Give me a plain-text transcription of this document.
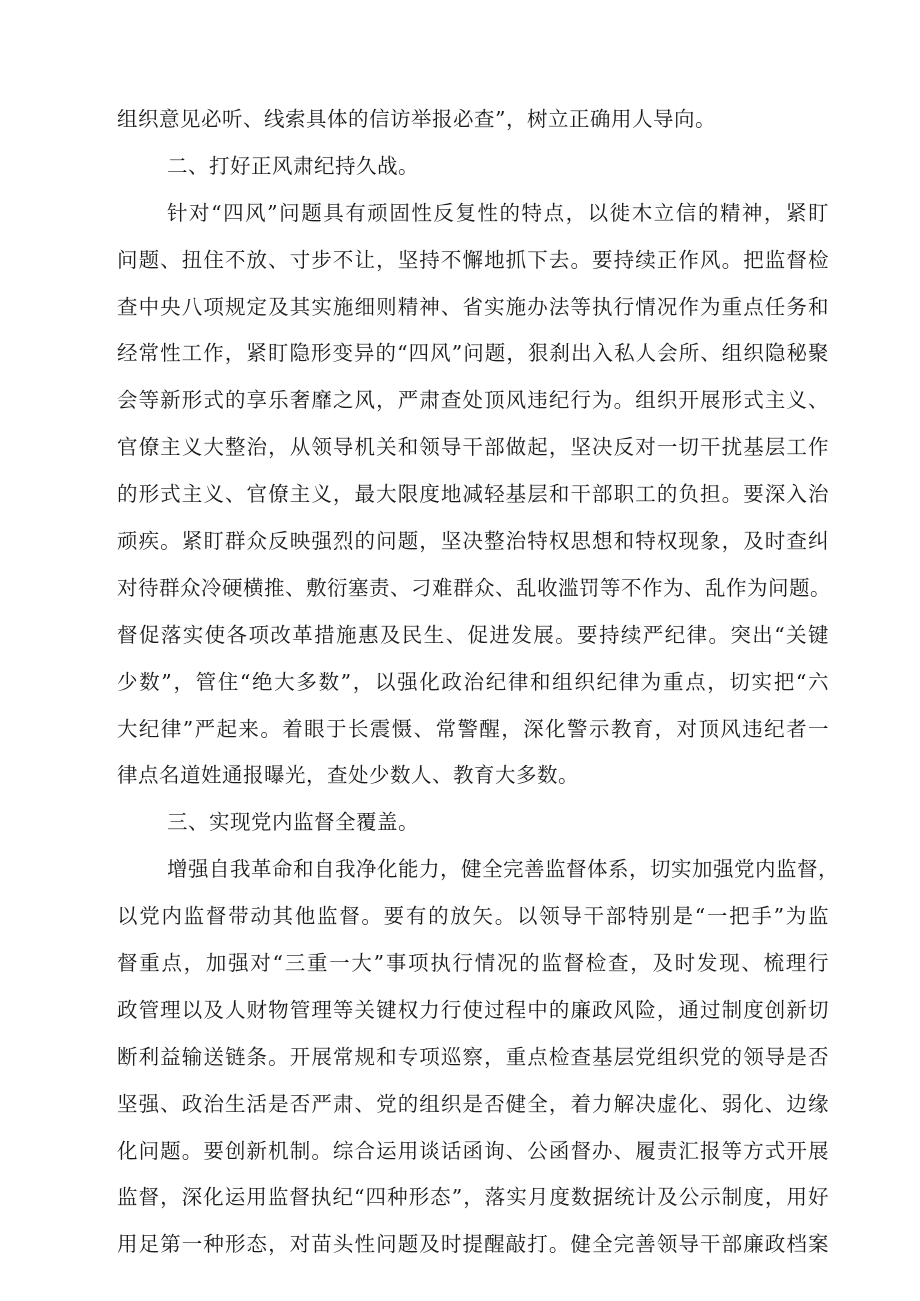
组织意见必听、线索具体的信访举报必查”，树立正确用人导向。
二、打好正风肃纪持久战。
针对“四风”问题具有顽固性反复性的特点，以徙木立信的精神，紧盯
问题、扭住不放、寸步不让，坚持不懈地抓下去。要持续正作风。把监督检
查中央八项规定及其实施细则精神、省实施办法等执行情况作为重点任务和
经常性工作，紧盯隐形变异的“四风”问题，狠刹出入私人会所、组织隐秘聚
会等新形式的享乐奢靡之风，严肃查处顶风违纪行为。组织开展形式主义、
官僚主义大整治，从领导机关和领导干部做起，坚决反对一切干扰基层工作
的形式主义、官僚主义，最大限度地减轻基层和干部职工的负担。要深入治
顽疾。紧盯群众反映强烈的问题，坚决整治特权思想和特权现象，及时查纠
对待群众冷硬横推、敷衍塞责、刁难群众、乱收滥罚等不作为、乱作为问题。
督促落实使各项改革措施惠及民生、促进发展。要持续严纪律。突出“关键
少数”，管住“绝大多数”，以强化政治纪律和组织纪律为重点，切实把“六
大纪律”严起来。着眼于长震慑、常警醒，深化警示教育，对顶风违纪者一
律点名道姓通报曝光，查处少数人、教育大多数。
三、实现党内监督全覆盖。
增强自我革命和自我净化能力，健全完善监督体系，切实加强党内监督，
以党内监督带动其他监督。要有的放矢。以领导干部特别是“一把手”为监
督重点，加强对“三重一大”事项执行情况的监督检查，及时发现、梳理行
政管理以及人财物管理等关键权力行使过程中的廉政风险，通过制度创新切
断利益输送链条。开展常规和专项巡察，重点检查基层党组织党的领导是否
坚强、政治生活是否严肃、党的组织是否健全，着力解决虚化、弱化、边缘
化问题。要创新机制。综合运用谈话函询、公函督办、履责汇报等方式开展
监督，深化运用监督执纪“四种形态”，落实月度数据统计及公示制度，用好
用足第一种形态，对苗头性问题及时提醒敲打。健全完善领导干部廉政档案
